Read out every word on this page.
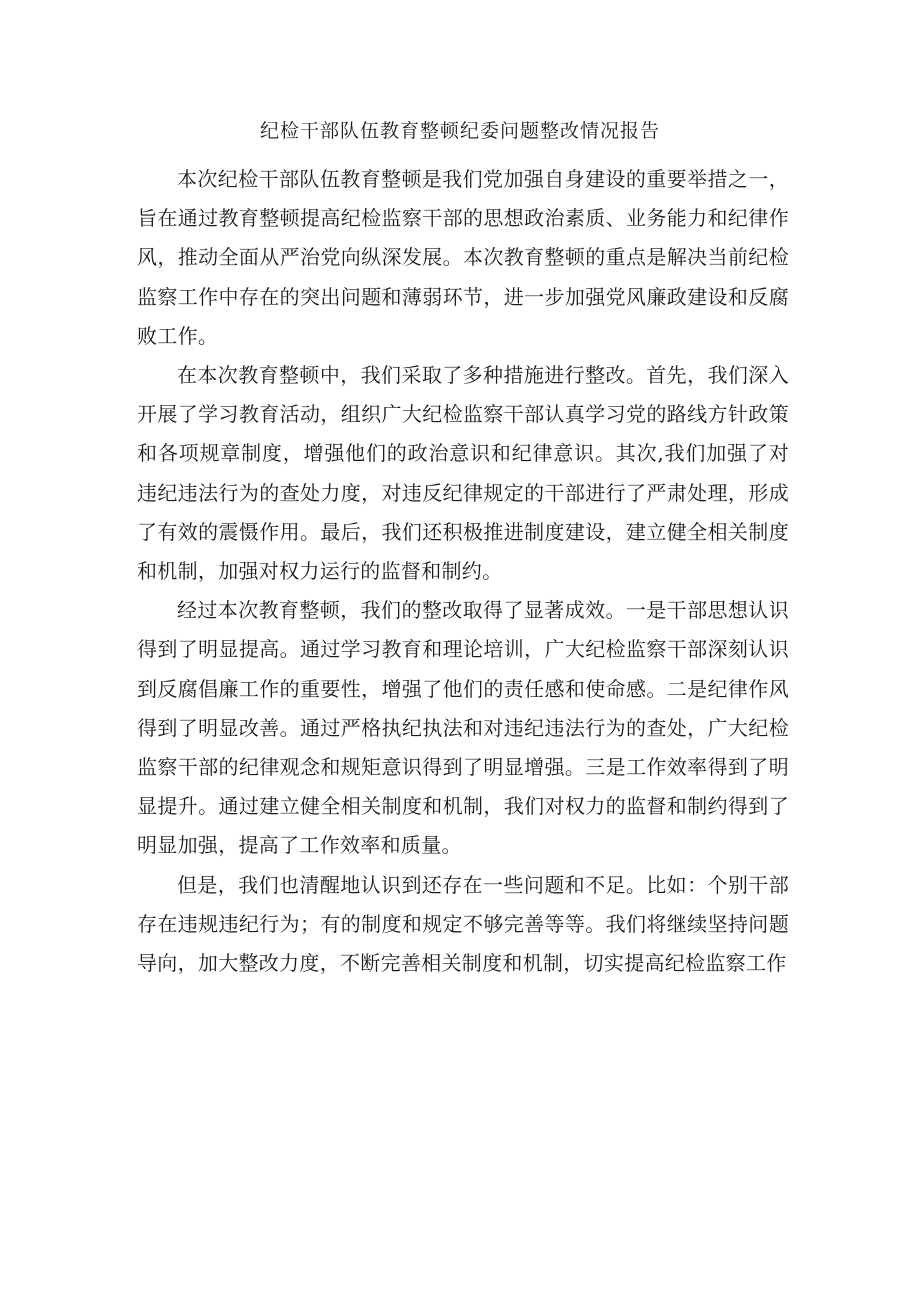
纪检干部队伍教育整顿纪委问题整改情况报告

本次纪检干部队伍教育整顿是我们党加强自身建设的重要举措之一，旨在通过教育整顿提高纪检监察干部的思想政治素质、业务能力和纪律作风，推动全面从严治党向纵深发展。本次教育整顿的重点是解决当前纪检监察工作中存在的突出问题和薄弱环节，进一步加强党风廉政建设和反腐败工作。

在本次教育整顿中，我们采取了多种措施进行整改。首先，我们深入开展了学习教育活动，组织广大纪检监察干部认真学习党的路线方针政策和各项规章制度，增强他们的政治意识和纪律意识。其次,我们加强了对违纪违法行为的查处力度，对违反纪律规定的干部进行了严肃处理，形成了有效的震慑作用。最后，我们还积极推进制度建设，建立健全相关制度和机制，加强对权力运行的监督和制约。

经过本次教育整顿，我们的整改取得了显著成效。一是干部思想认识得到了明显提高。通过学习教育和理论培训，广大纪检监察干部深刻认识到反腐倡廉工作的重要性，增强了他们的责任感和使命感。二是纪律作风得到了明显改善。通过严格执纪执法和对违纪违法行为的查处，广大纪检监察干部的纪律观念和规矩意识得到了明显增强。三是工作效率得到了明显提升。通过建立健全相关制度和机制，我们对权力的监督和制约得到了明显加强，提高了工作效率和质量。

但是，我们也清醒地认识到还存在一些问题和不足。比如：个别干部存在违规违纪行为；有的制度和规定不够完善等等。我们将继续坚持问题导向，加大整改力度，不断完善相关制度和机制，切实提高纪检监察工作
